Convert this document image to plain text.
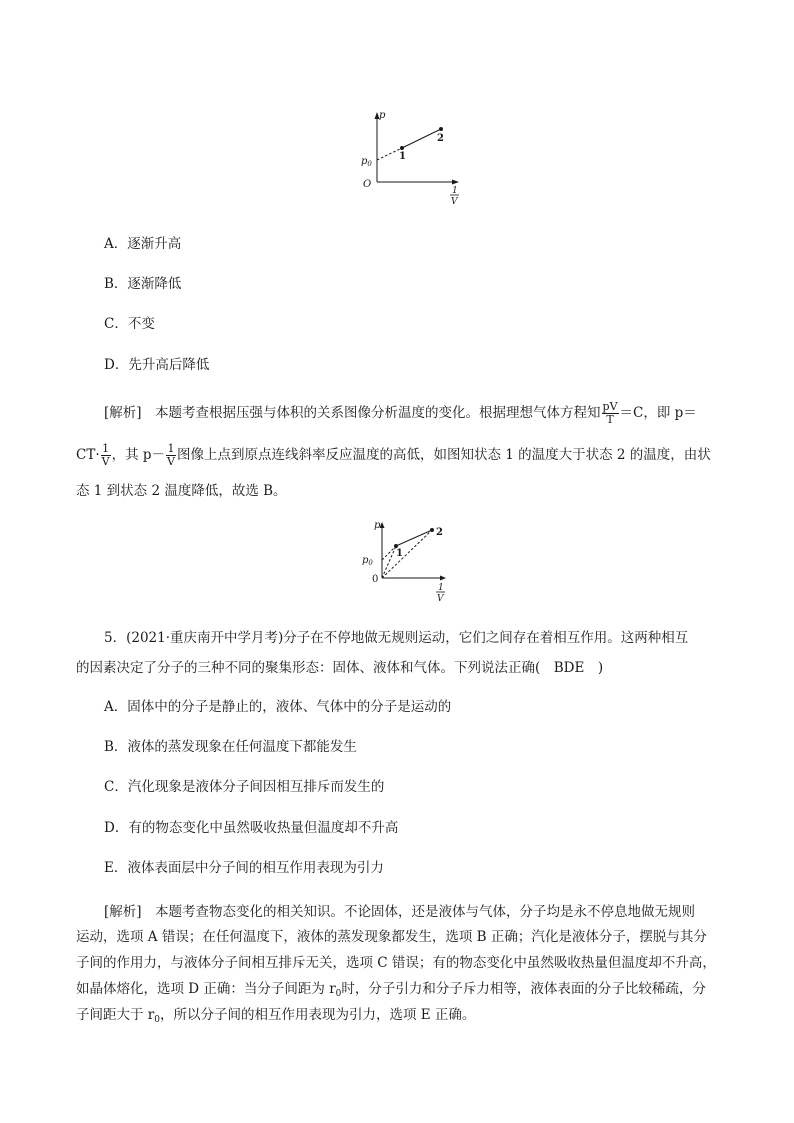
p
$p_0$
O
1
2
1
V
A．逐渐升高
B．逐渐降低
C．不变
D．先升高后降低
[解析]　 本题考查根据压强与体积的关系图像分析温度的变化。根据理想气体方程知 $\frac{pV}{T} =C$，即 p＝
$CT\cdot \frac{1}{V}$ ，其 $p- \frac{1}{V}$ 图像上点到原点连线斜率反应温度的高低，如图知状态 1 的温度大于状态 2 的温度，由状
态 1 到状态 2 温度降低，故选 B。
p
$p_0$
0
1
2
1
V
5．(2021·重庆南开中学月考)分子在不停地做无规则运动，它们之间存在着相互作用。这两种相互
的因素决定了分子的三种不同的聚集形态：固体、液体和气体。下列说法正确(　BDE　)
A．固体中的分子是静止的，液体、气体中的分子是运动的
B．液体的蒸发现象在任何温度下都能发生
C．汽化现象是液体分子间因相互排斥而发生的
D．有的物态变化中虽然吸收热量但温度却不升高
E．液体表面层中分子间的相互作用表现为引力
[解析]　本题考查物态变化的相关知识。不论固体，还是液体与气体，分子均是永不停息地做无规则
运动，选项 A 错误；在任何温度下，液体的蒸发现象都发生，选项 B 正确；汽化是液体分子，摆脱与其分
子间的作用力，与液体分子间相互排斥无关，选项 C 错误；有的物态变化中虽然吸收热量但温度却不升高，
如晶体熔化，选项 D 正确：当分子间距为 $r_0$时，分子引力和分子斥力相等，液体表面的分子比较稀疏，分
子间距大于 $r_0$，所以分子间的相互作用表现为引力，选项 E 正确。
